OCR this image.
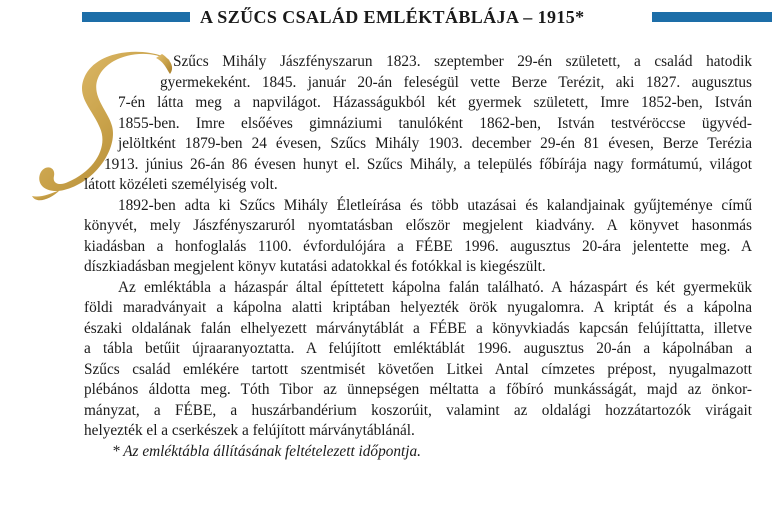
A SZŰCS CSALÁD EMLÉKTÁBLÁJA – 1915*
Szűcs Mihály Jászfényszarun 1823. szeptember 29-én született, a család hatodik
gyermekeként. 1845. január 20-án feleségül vette Berze Terézit, aki 1827. augusztus
7-én látta meg a napvilágot. Házasságukból két gyermek született, Imre 1852-ben, István
1855-ben. Imre elsőéves gimnáziumi tanulóként 1862-ben, István testvéröccse ügyvéd-
jelöltként 1879-ben 24 évesen, Szűcs Mihály 1903. december 29-én 81 évesen, Berze Terézia
1913. június 26-án 86 évesen hunyt el. Szűcs Mihály, a település főbírája nagy formátumú, világot
látott közéleti személyiség volt.
1892-ben adta ki Szűcs Mihály Életleírása és több utazásai és kalandjainak gyűjteménye című
könyvét, mely Jászfényszaruról nyomtatásban először megjelent kiadvány. A könyvet hasonmás
kiadásban a honfoglalás 1100. évfordulójára a FÉBE 1996. augusztus 20-ára jelentette meg. A
díszkiadásban megjelent könyv kutatási adatokkal és fotókkal is kiegészült.
Az emléktábla a házaspár által építtetett kápolna falán található. A házaspárt és két gyermekük
földi maradványait a kápolna alatti kriptában helyezték örök nyugalomra. A kriptát és a kápolna
északi oldalának falán elhelyezett márványtáblát a FÉBE a könyvkiadás kapcsán felújíttatta, illetve
a tábla betűit újraaranyoztatta. A felújított emléktáblát 1996. augusztus 20-án a kápolnában a
Szűcs család emlékére tartott szentmisét követően Litkei Antal címzetes prépost, nyugalmazott
plébános áldotta meg. Tóth Tibor az ünnepségen méltatta a főbíró munkásságát, majd az önkor-
mányzat, a FÉBE, a huszárbandérium koszorúit, valamint az oldalági hozzátartozók virágait
helyezték el a cserkészek a felújított márványtáblánál.
* Az emléktábla állításának feltételezett időpontja.
